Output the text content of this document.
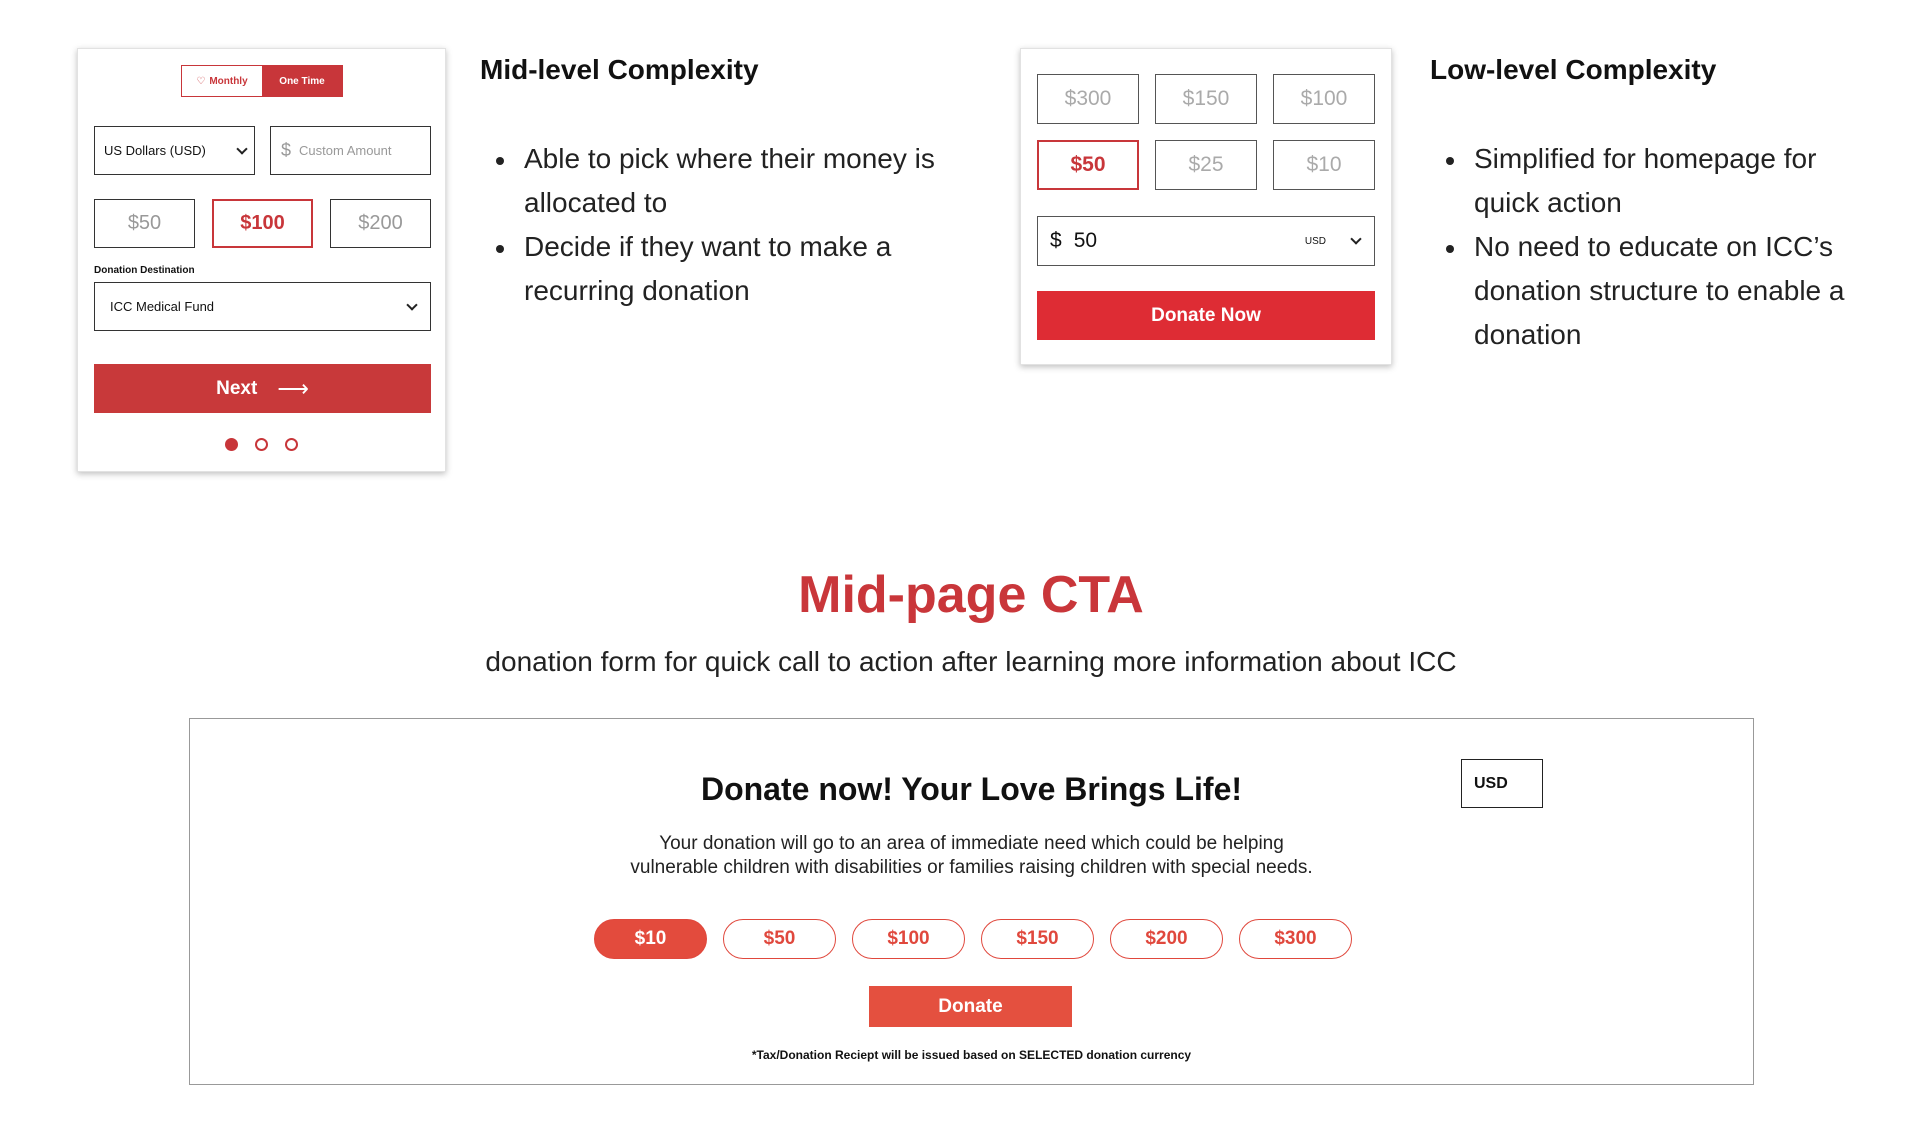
♡ Monthly	One Time
US Dollars (USD)	$ Custom Amount
$50	$100	$200
Donation Destination
ICC Medical Fund
Next ⟶
Mid-level Complexity
Able to pick where their money is allocated to
Decide if they want to make a recurring donation
$300	$150	$100
$50	$25	$10
$ 50	USD
Donate Now
Low-level Complexity
Simplified for homepage for quick action
No need to educate on ICC’s donation structure to enable a donation
Mid-page CTA
donation form for quick call to action after learning more information about ICC
USD
Donate now! Your Love Brings Life!
Your donation will go to an area of immediate need which could be helping
vulnerable children with disabilities or families raising children with special needs.
$10	$50	$100	$150	$200	$300
Donate
*Tax/Donation Reciept will be issued based on SELECTED donation currency
